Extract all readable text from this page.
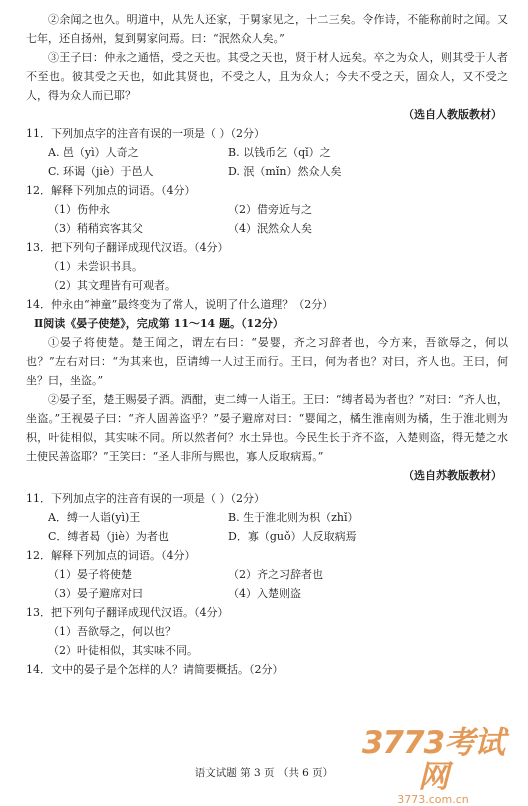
②余闻之也久。明道中，从先人还家，于舅家见之，十二三矣。令作诗，不能称前时之闻。又七年，还自扬州，复到舅家问焉。曰：“泯然众人矣。”

③王子曰：仲永之通悟，受之天也。其受之天也，贤于材人远矣。卒之为众人，则其受于人者不至也。彼其受之天也，如此其贤也，不受之人，且为众人；今夫不受之天，固众人，又不受之人，得为众人而已耶？

（选自人教版教材）

11．下列加点字的注音有误的一项是（ ）（2分）

A. 邑（yì）人奇之	B. 以钱币乞（qǐ）之
C. 环谒（jiè）于邑人	D. 泯（mǐn）然众人矣

12．解释下列加点的词语。（4分）

（1）伤仲永	（2）借旁近与之
（3）稍稍宾客其父	（4）泯然众人矣

13．把下列句子翻译成现代汉语。（4分）

（1）未尝识书具。

（2）其文理皆有可观者。

14．仲永由“神童”最终变为了常人，说明了什么道理？（2分）

Ⅱ阅读《晏子使楚》，完成第 11～14 题。（12分）

①晏子将使楚。楚王闻之，谓左右曰：“晏婴，齐之习辞者也，今方来，吾欲辱之，何以也？”左右对曰：“为其来也，臣请缚一人过王而行。王曰，何为者也？对曰，齐人也。王曰，何坐？曰，坐盗。”

②晏子至，楚王赐晏子酒。酒酣，吏二缚一人诣王。王曰：“缚者曷为者也？”对曰：“齐人也，坐盗。”王视晏子曰：“齐人固善盗乎？”晏子避席对曰：“婴闻之，橘生淮南则为橘，生于淮北则为枳，叶徒相似，其实味不同。所以然者何？水土异也。今民生长于齐不盗，入楚则盗，得无楚之水土使民善盗耶？”王笑曰：“圣人非所与熙也，寡人反取病焉。”

（选自苏教版教材）

11．下列加点字的注音有误的一项是（ ）（2分）

A．缚一人诣(yì)王	B. 生于淮北则为枳（zhǐ）
C．缚者曷（jiè）为者也	D．寡（guǒ）人反取病焉

12．解释下列加点的词语。（4分）

（1）晏子将使楚	（2）齐之习辞者也
（3）晏子避席对曰	（4）入楚则盗

13．把下列句子翻译成现代汉语。（4分）

（1）吾欲辱之，何以也？

（2）叶徒相似，其实味不同。

14．文中的晏子是个怎样的人？请简要概括。（2分）

3773考试网
3773.com.cn
语文试题 第 3 页 （共 6 页）
